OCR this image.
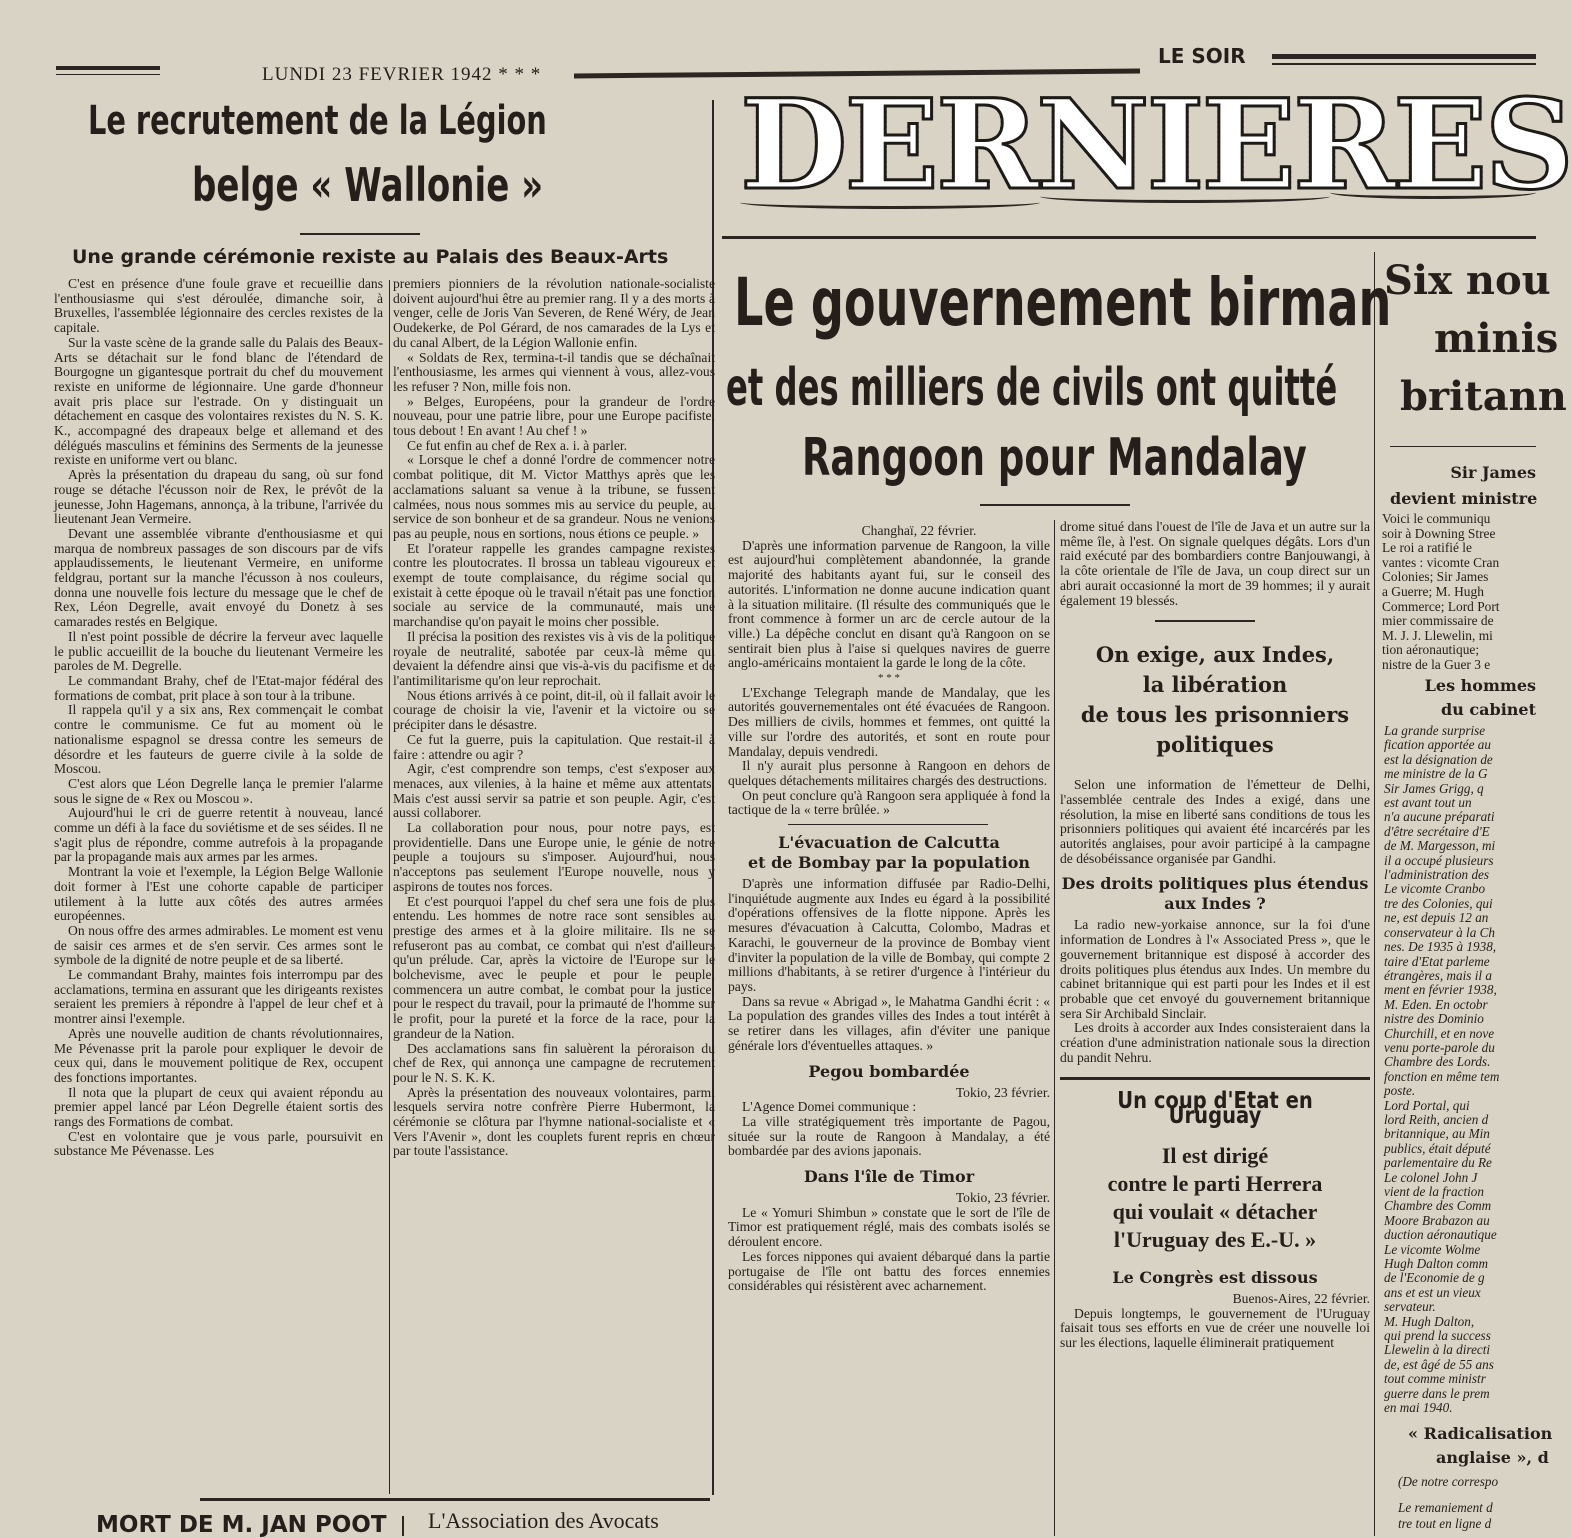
LUNDI 23 FEVRIER 1942 * * *
LE SOIR
DERNIERES
Le recrutement de la Légion
belge « Wallonie »
Une grande cérémonie rexiste au Palais des Beaux-Arts

C'est en présence d'une foule grave et recueillie dans l'enthousiasme qui s'est déroulée, dimanche soir, à Bruxelles, l'assemblée légionnaire des cercles rexistes de la capitale.

Sur la vaste scène de la grande salle du Palais des Beaux-Arts se détachait sur le fond blanc de l'étendard de Bourgogne un gigantesque portrait du chef du mouvement rexiste en uniforme de légionnaire. Une garde d'honneur avait pris place sur l'estrade. On y distinguait un détachement en casque des volontaires rexistes du N. S. K. K., accompagné des drapeaux belge et allemand et des délégués masculins et féminins des Serments de la jeunesse rexiste en uniforme vert ou blanc.

Après la présentation du drapeau du sang, où sur fond rouge se détache l'écusson noir de Rex, le prévôt de la jeunesse, John Hagemans, annonça, à la tribune, l'arrivée du lieutenant Jean Vermeire.

Devant une assemblée vibrante d'enthousiasme et qui marqua de nombreux passages de son discours par de vifs applaudissements, le lieutenant Vermeire, en uniforme feldgrau, portant sur la manche l'écusson à nos couleurs, donna une nouvelle fois lecture du message que le chef de Rex, Léon Degrelle, avait envoyé du Donetz à ses camarades restés en Belgique.

Il n'est point possible de décrire la ferveur avec laquelle le public accueillit de la bouche du lieutenant Vermeire les paroles de M. Degrelle.

Le commandant Brahy, chef de l'Etat-major fédéral des formations de combat, prit place à son tour à la tribune.

Il rappela qu'il y a six ans, Rex commençait le combat contre le communisme. Ce fut au moment où le nationalisme espagnol se dressa contre les semeurs de désordre et les fauteurs de guerre civile à la solde de Moscou.

C'est alors que Léon Degrelle lança le premier l'alarme sous le signe de « Rex ou Moscou ».

Aujourd'hui le cri de guerre retentit à nouveau, lancé comme un défi à la face du soviétisme et de ses séides. Il ne s'agit plus de répondre, comme autrefois à la propagande par la propagande mais aux armes par les armes.

Montrant la voie et l'exemple, la Légion Belge Wallonie doit former à l'Est une cohorte capable de participer utilement à la lutte aux côtés des autres armées européennes.

On nous offre des armes admirables. Le moment est venu de saisir ces armes et de s'en servir. Ces armes sont le symbole de la dignité de notre peuple et de sa liberté.

Le commandant Brahy, maintes fois interrompu par des acclamations, termina en assurant que les dirigeants rexistes seraient les premiers à répondre à l'appel de leur chef et à montrer ainsi l'exemple.

Après une nouvelle audition de chants révolutionnaires, Me Pévenasse prit la parole pour expliquer le devoir de ceux qui, dans le mouvement politique de Rex, occupent des fonctions importantes.

Il nota que la plupart de ceux qui avaient répondu au premier appel lancé par Léon Degrelle étaient sortis des rangs des Formations de combat.

C'est en volontaire que je vous parle, poursuivit en substance Me Pévenasse. Les

premiers pionniers de la révolution nationale-socialiste doivent aujourd'hui être au premier rang. Il y a des morts à venger, celle de Joris Van Severen, de René Wéry, de Jean Oudekerke, de Pol Gérard, de nos camarades de la Lys et du canal Albert, de la Légion Wallonie enfin.

« Soldats de Rex, termina-t-il tandis que se déchaînait l'enthousiasme, les armes qui viennent à vous, allez-vous les refuser ? Non, mille fois non.

» Belges, Européens, pour la grandeur de l'ordre nouveau, pour une patrie libre, pour une Europe pacifiste, tous debout ! En avant ! Au chef ! »

Ce fut enfin au chef de Rex a. i. à parler.

« Lorsque le chef a donné l'ordre de commencer notre combat politique, dit M. Victor Matthys après que les acclamations saluant sa venue à la tribune, se fussent calmées, nous nous sommes mis au service du peuple, au service de son bonheur et de sa grandeur. Nous ne venions pas au peuple, nous en sortions, nous étions ce peuple. »

Et l'orateur rappelle les grandes campagne rexistes contre les ploutocrates. Il brossa un tableau vigoureux et exempt de toute complaisance, du régime social qui existait à cette époque où le travail n'était pas une fonction sociale au service de la communauté, mais une marchandise qu'on payait le moins cher possible.

Il précisa la position des rexistes vis à vis de la politique royale de neutralité, sabotée par ceux-là même qui devaient la défendre ainsi que vis-à-vis du pacifisme et de l'antimilitarisme qu'on leur reprochait.

Nous étions arrivés à ce point, dit-il, où il fallait avoir le courage de choisir la vie, l'avenir et la victoire ou se précipiter dans le désastre.

Ce fut la guerre, puis la capitulation. Que restait-il à faire : attendre ou agir ?

Agir, c'est comprendre son temps, c'est s'exposer aux menaces, aux vilenies, à la haine et même aux attentats. Mais c'est aussi servir sa patrie et son peuple. Agir, c'est aussi collaborer.

La collaboration pour nous, pour notre pays, est providentielle. Dans une Europe unie, le génie de notre peuple a toujours su s'imposer. Aujourd'hui, nous n'acceptons pas seulement l'Europe nouvelle, nous y aspirons de toutes nos forces.

Et c'est pourquoi l'appel du chef sera une fois de plus entendu. Les hommes de notre race sont sensibles au prestige des armes et à la gloire militaire. Ils ne se refuseront pas au combat, ce combat qui n'est d'ailleurs qu'un prélude. Car, après la victoire de l'Europe sur le bolchevisme, avec le peuple et pour le peuple, commencera un autre combat, le combat pour la justice, pour le respect du travail, pour la primauté de l'homme sur le profit, pour la pureté et la force de la race, pour la grandeur de la Nation.

Des acclamations sans fin saluèrent la péroraison du chef de Rex, qui annonça une campagne de recrutement pour le N. S. K. K.

Après la présentation des nouveaux volontaires, parmi lesquels servira notre confrère Pierre Hubermont, la cérémonie se clôtura par l'hymne national-socialiste et « Vers l'Avenir », dont les couplets furent repris en chœur par toute l'assistance.

MORT DE M. JAN POOT L'Association des Avocats
Le gouvernement birman
et des milliers de civils ont quitté
Rangoon pour Mandalay
Changhaï, 22 février.

D'après une information parvenue de Rangoon, la ville est aujourd'hui complètement abandonnée, la grande majorité des habitants ayant fui, sur le conseil des autorités. L'information ne donne aucune indication quant à la situation militaire. (Il résulte des communiqués que le front commence à former un arc de cercle autour de la ville.) La dépêche conclut en disant qu'à Rangoon on se sentirait bien plus à l'aise si quelques navires de guerre anglo-américains montaient la garde le long de la côte.

* * *

L'Exchange Telegraph mande de Mandalay, que les autorités gouvernementales ont été évacuées de Rangoon. Des milliers de civils, hommes et femmes, ont quitté la ville sur l'ordre des autorités, et sont en route pour Mandalay, depuis vendredi.

Il n'y aurait plus personne à Rangoon en dehors de quelques détachements militaires chargés des destructions.

On peut conclure qu'à Rangoon sera appliquée à fond la tactique de la « terre brûlée. »

L'évacuation de Calcutta
et de Bombay par la population

D'après une information diffusée par Radio-Delhi, l'inquiétude augmente aux Indes eu égard à la possibilité d'opérations offensives de la flotte nippone. Après les mesures d'évacuation à Calcutta, Colombo, Madras et Karachi, le gouverneur de la province de Bombay vient d'inviter la population de la ville de Bombay, qui compte 2 millions d'habitants, à se retirer d'urgence à l'intérieur du pays.

Dans sa revue « Abrigad », le Mahatma Gandhi écrit : « La population des grandes villes des Indes a tout intérêt à se retirer dans les villages, afin d'éviter une panique générale lors d'éventuelles attaques. »

Pegou bombardée
Tokio, 23 février.

L'Agence Domei communique :

La ville stratégiquement très importante de Pagou, située sur la route de Rangoon à Mandalay, a été bombardée par des avions japonais.

Dans l'île de Timor
Tokio, 23 février.

Le « Yomuri Shimbun » constate que le sort de l'île de Timor est pratiquement réglé, mais des combats isolés se déroulent encore.

Les forces nippones qui avaient débarqué dans la partie portugaise de l'île ont battu des forces ennemies considérables qui résistèrent avec acharnement.

drome situé dans l'ouest de l'île de Java et un autre sur la même île, à l'est. On signale quelques dégâts. Lors d'un raid exécuté par des bombardiers contre Banjouwangi, à la côte orientale de l'île de Java, un coup direct sur un abri aurait occasionné la mort de 39 hommes; il y aurait également 19 blessés.

On exige, aux Indes,
la libération
de tous les prisonniers
politiques

Selon une information de l'émetteur de Delhi, l'assemblée centrale des Indes a exigé, dans une résolution, la mise en liberté sans conditions de tous les prisonniers politiques qui avaient été incarcérés par les autorités anglaises, pour avoir participé à la campagne de désobéissance organisée par Gandhi.

Des droits politiques plus étendus
aux Indes ?

La radio new-yorkaise annonce, sur la foi d'une information de Londres à l'« Associated Press », que le gouvernement britannique est disposé à accorder des droits politiques plus étendus aux Indes. Un membre du cabinet britannique qui est parti pour les Indes et il est probable que cet envoyé du gouvernement britannique sera Sir Archibald Sinclair.

Les droits à accorder aux Indes consisteraient dans la création d'une administration nationale sous la direction du pandit Nehru.

Un coup d'Etat en Uruguay
Il est dirigé
contre le parti Herrera
qui voulait « détacher
l'Uruguay des E.-U. »
Le Congrès est dissous
Buenos-Aires, 22 février.

Depuis longtemps, le gouvernement de l'Uruguay faisait tous ses efforts en vue de créer une nouvelle loi sur les élections, laquelle éliminerait pratiquement

Six nou
minis
britann
Sir James
devient ministre
Voici le communiqu
soir à Downing Stree
Le roi a ratifié le
vantes : vicomte Cran
Colonies; Sir James
a Guerre; M. Hugh
Commerce; Lord Port
mier commissaire de
M. J. J. Llewelin, mi
tion aéronautique;
nistre de la Guer 3 e
Les hommes
du cabinet
La grande surprise
fication apportée au
est la désignation de
me ministre de la G
Sir James Grigg, q
est avant tout un
n'a aucune préparati
d'être secrétaire d'E
de M. Margesson, mi
il a occupé plusieurs
l'administration des
Le vicomte Cranbo
tre des Colonies, qui
ne, est depuis 12 an
conservateur à la Ch
nes. De 1935 à 1938,
taire d'Etat parleme
étrangères, mais il a
ment en février 1938,
M. Eden. En octobr
nistre des Dominio
Churchill, et en nove
venu porte-parole du
Chambre des Lords.
fonction en même tem
poste.
Lord Portal, qui
lord Reith, ancien d
britannique, au Min
publics, était député
parlementaire du Re
Le colonel John J
vient de la fraction
Chambre des Comm
Moore Brabazon au
duction aéronautique
Le vicomte Wolme
Hugh Dalton comm
de l'Economie de g
ans et est un vieux
servateur.
M. Hugh Dalton,
qui prend la success
Llewelin à la directi
de, est âgé de 55 ans
tout comme ministr
guerre dans le prem
en mai 1940.
« Radicalisation
anglaise », d
(De notre correspo
Le remaniement d
tre tout en ligne d
